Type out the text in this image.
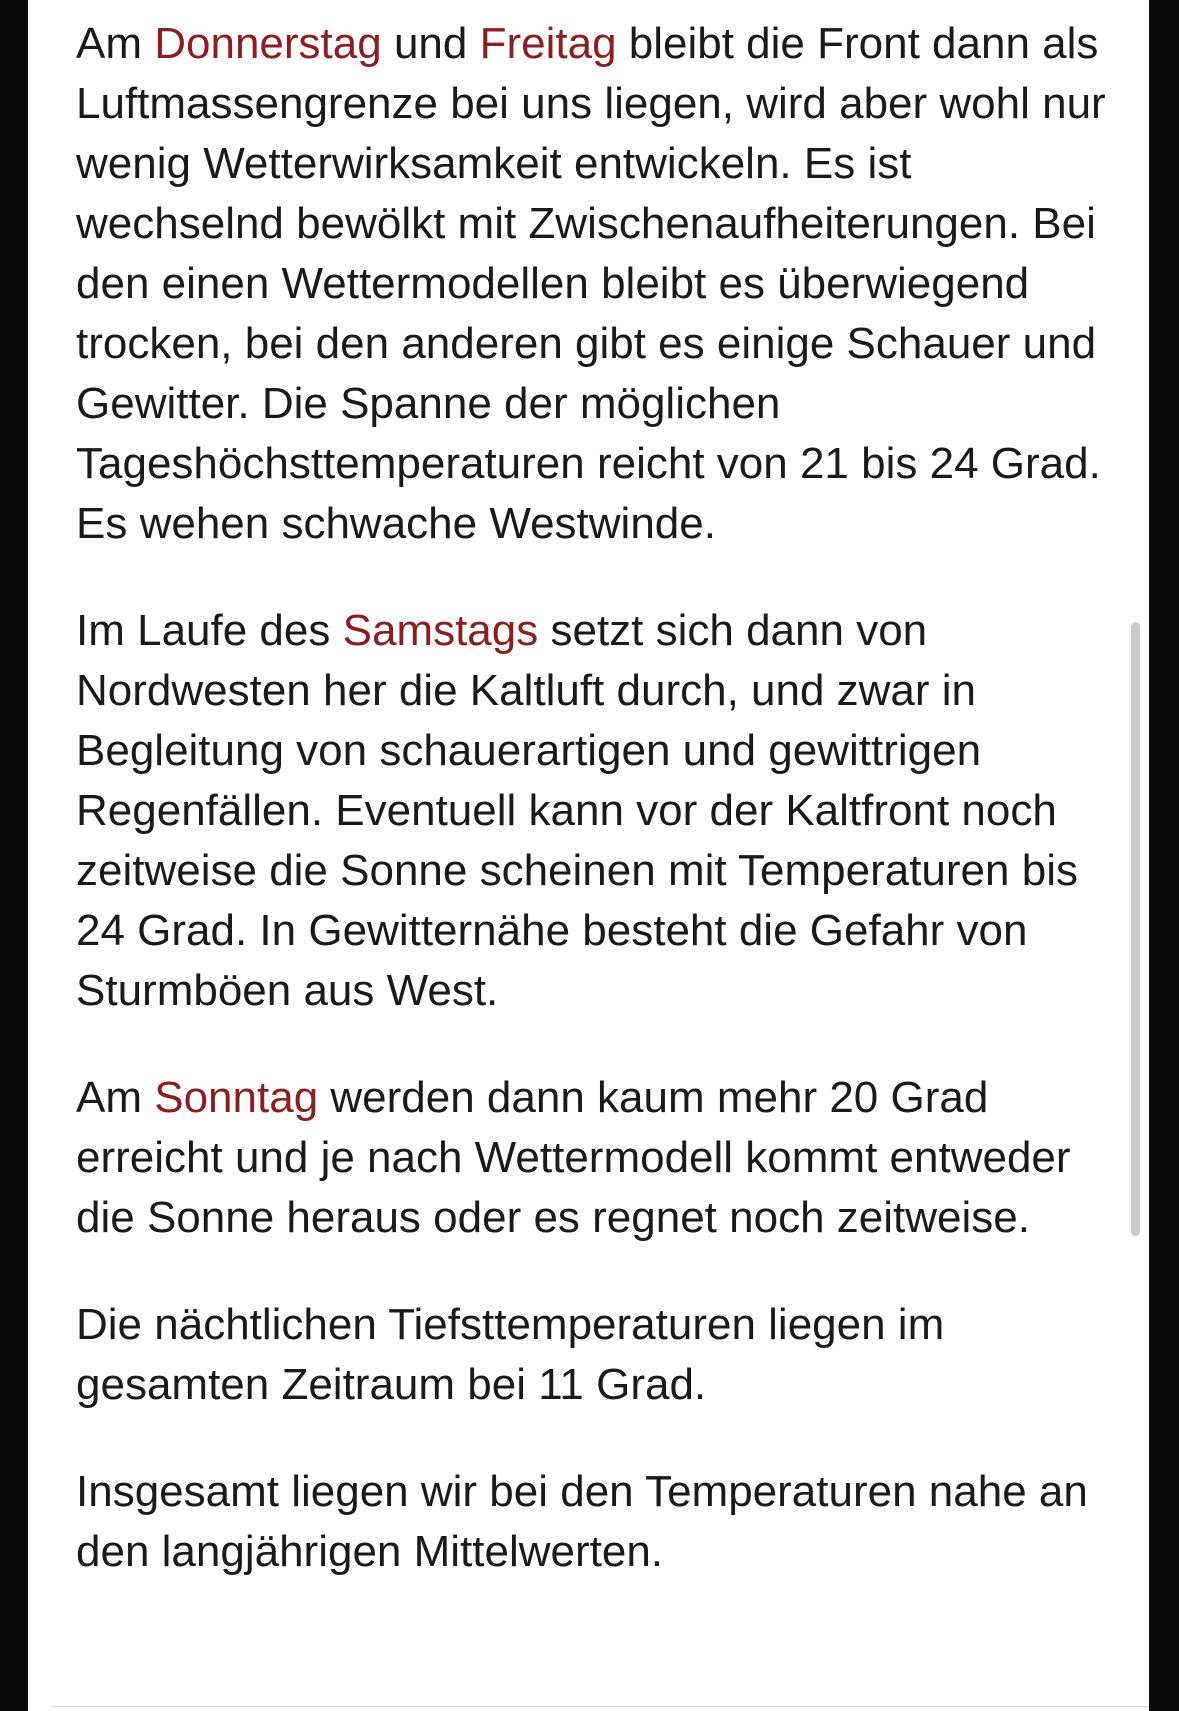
Am Donnerstag und Freitag bleibt die Front dann als Luftmassengrenze bei uns liegen, wird aber wohl nur wenig Wetterwirksamkeit entwickeln. Es ist wechselnd bewölkt mit Zwischenaufheiterungen. Bei den einen Wettermodellen bleibt es überwiegend trocken, bei den anderen gibt es einige Schauer und Gewitter. Die Spanne der möglichen Tageshöchsttemperaturen reicht von 21 bis 24 Grad. Es wehen schwache Westwinde.

Im Laufe des Samstags setzt sich dann von Nordwesten her die Kaltluft durch, und zwar in Begleitung von schauerartigen und gewittrigen Regenfällen. Eventuell kann vor der Kaltfront noch zeitweise die Sonne scheinen mit Temperaturen bis 24 Grad. In Gewitternähe besteht die Gefahr von Sturmböen aus West.

Am Sonntag werden dann kaum mehr 20 Grad erreicht und je nach Wettermodell kommt entweder die Sonne heraus oder es regnet noch zeitweise.

Die nächtlichen Tiefsttemperaturen liegen im gesamten Zeitraum bei 11 Grad.

Insgesamt liegen wir bei den Temperaturen nahe an den langjährigen Mittelwerten.
